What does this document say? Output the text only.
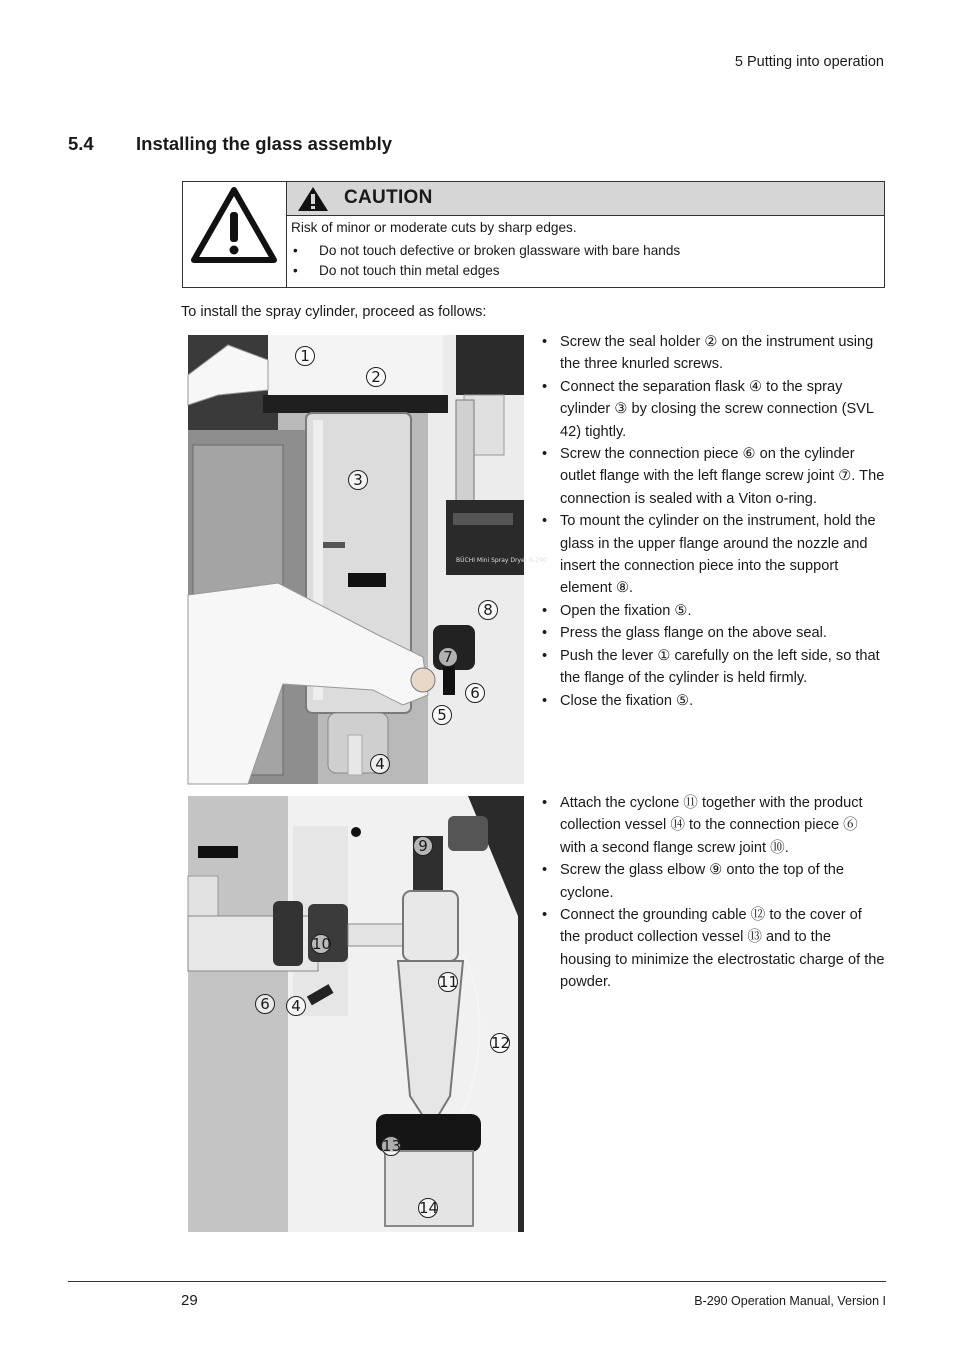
5 Putting into operation
5.4 Installing the glass assembly
CAUTION

Risk of minor or moderate cuts by sharp edges.

• Do not touch defective or broken glassware with bare hands
• Do not touch thin metal edges
To install the spray cylinder, proceed as follows:
BÜCHI Mini Spray Dryer B-290
1
2
3
8
7
6
5
4
• Screw the seal holder ② on the instrument using the three knurled screws.
• Connect the separation flask ④ to the spray cylinder ③ by closing the screw connection (SVL 42) tightly.
• Screw the connection piece ⑥ on the cylinder outlet flange with the left flange screw joint ⑦. The connection is sealed with a Viton o-ring.
• To mount the cylinder on the instrument, hold the glass in the upper flange around the nozzle and insert the connection piece into the support element ⑧.
• Open the fixation ⑤.
• Press the glass flange on the above seal.
• Push the lever ① carefully on the left side, so that the flange of the cylinder is held firmly.
• Close the fixation ⑤.
9
10
6	4
11
12
13
14
• Attach the cyclone ⑪ together with the product collection vessel ⑭ to the connection piece ⑥ with a second flange screw joint ⑩.
• Screw the glass elbow ⑨ onto the top of the cyclone.
• Connect the grounding cable ⑫ to the cover of the product collection vessel ⑬ and to the housing to minimize the electrostatic charge of the powder.
29	B-290 Operation Manual, Version I
